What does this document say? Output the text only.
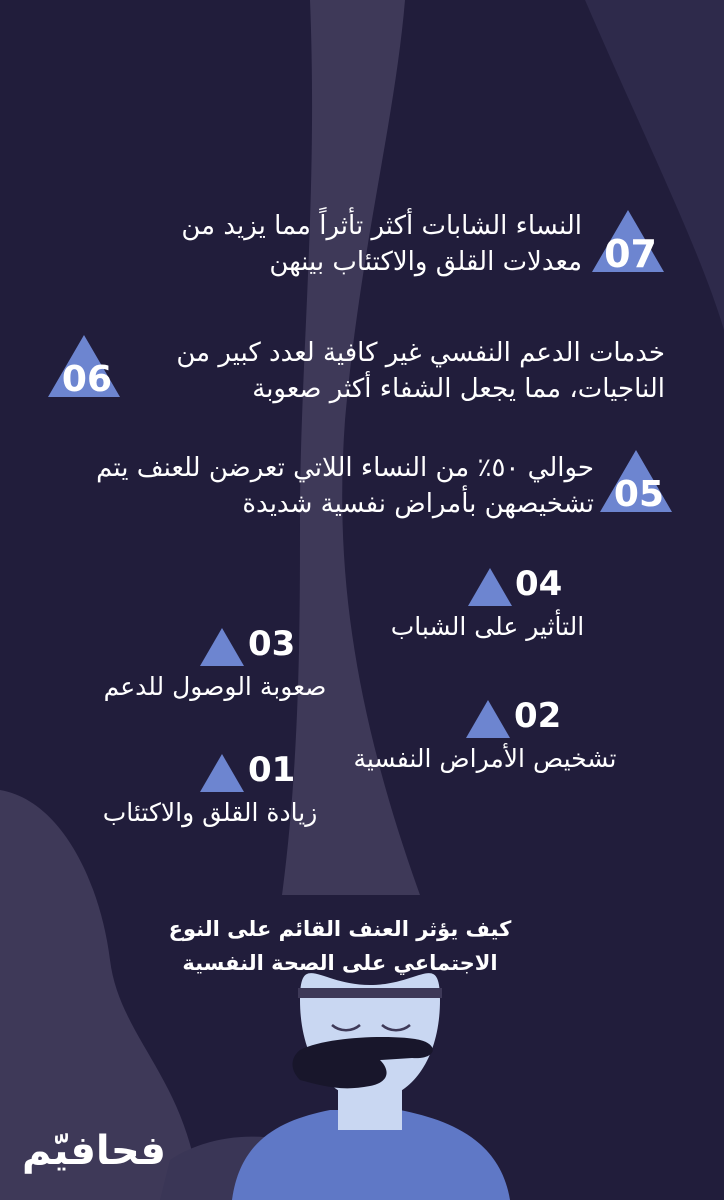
07
النساء الشابات أكثر تأثراً مما يزيد من معدلات القلق والاكتئاب بينهن
خدمات الدعم النفسي غير كافية لعدد كبير من الناجيات، مما يجعل الشفاء أكثر صعوبة
06
05
حوالي ٥٠٪ من النساء اللاتي تعرضن للعنف يتم تشخيصهن بأمراض نفسية شديدة
04
التأثير على الشباب
03
صعوبة الوصول للدعم
02
تشخيص الأمراض النفسية
01
زيادة القلق والاكتئاب
كيف يؤثر العنف القائم على النوع الاجتماعي على الصحة النفسية
فحافيّم
